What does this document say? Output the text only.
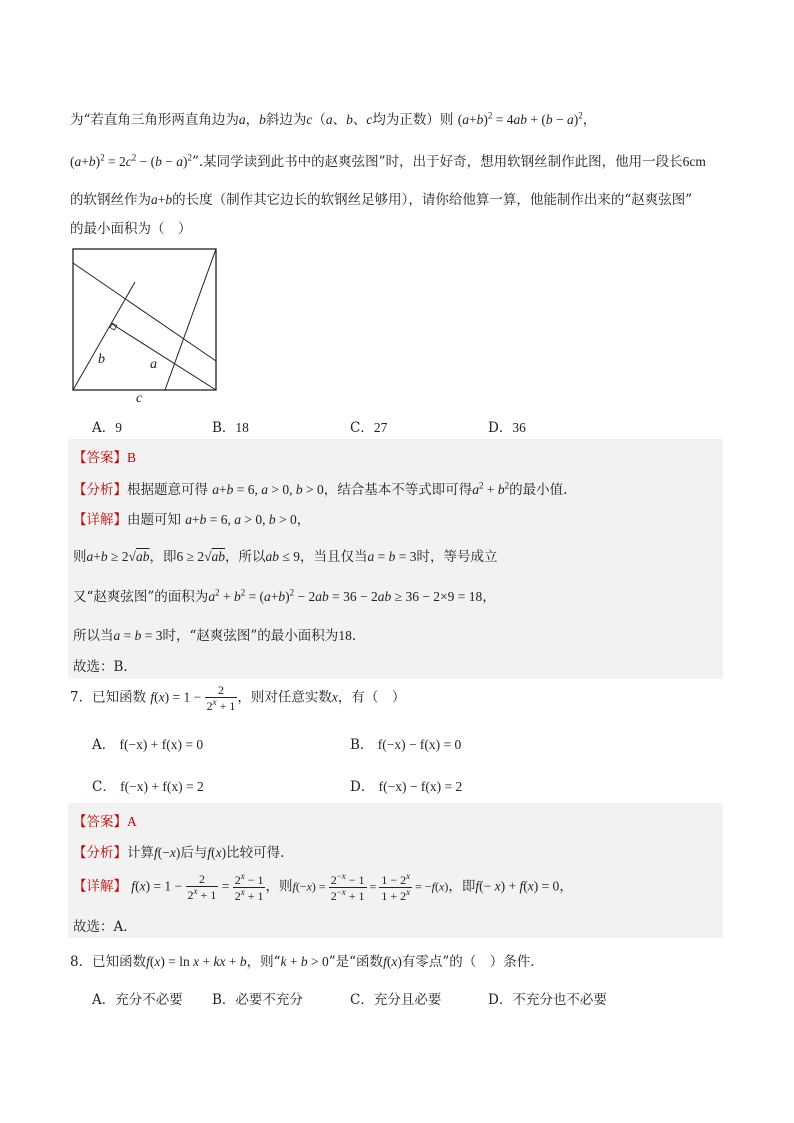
为“若直角三角形两直角边为a，b斜边为c（a、b、c均为正数）则 $(a+b)^2 = 4ab + (b - a)^2$，
$(a+b)^2 = 2c^2 - (b - a)^2$”.某同学读到此书中的赵爽弦图”时，出于好奇，想用软钢丝制作此图，他用一段长6cm
的软钢丝作为a+b的长度（制作其它边长的软钢丝足够用），请你给他算一算，他能制作出来的“赵爽弦图”
的最小面积为（　）
b	a
c
A．9	B．18	C．27	D．36
【答案】B
【分析】根据题意可得 a+b = 6, a > 0, b > 0，结合基本不等式即可得$a^2 + b^2$的最小值.
【详解】由题可知 a+b = 6, a > 0, b > 0，
则a+b ≥ 2√ab，即6 ≥ 2√ab，所以ab ≤ 9，当且仅当a = b = 3时，等号成立
又“赵爽弦图”的面积为$a^2 + b^2 = (a+b)^2 - 2ab = 36 - 2ab \ge 36 - 2\times 9 = 18$，
所以当a = b = 3时，“赵爽弦图”的最小面积为18.
故选：B.
7．已知函数 $f(x) = 1 - \frac{2}{2^x + 1}$ ，则对任意实数x，有（　）
A． f(−x) + f(x) = 0	B． f(−x) − f(x) = 0
C． f(−x) + f(x) = 2	D． f(−x) − f(x) = 2
【答案】A
【分析】计算f(−x)后与f(x)比较可得.
【详解】 $f(x) = 1 - \frac{2}{2^x + 1} = \frac{2^x - 1}{2^x + 1}$ ，则$f(-x) = \frac{2^{-x} - 1}{2^{-x} + 1} = \frac{1 - 2^x}{1 + 2^x} = -f(x)$，即f(− x) + f(x) = 0，
故选：A.
8．已知函数f(x) = ln x + kx + b，则“k + b > 0”是“函数f(x)有零点”的（　）条件.
A．充分不必要 B．必要不充分	C．充分且必要	D．不充分也不必要
